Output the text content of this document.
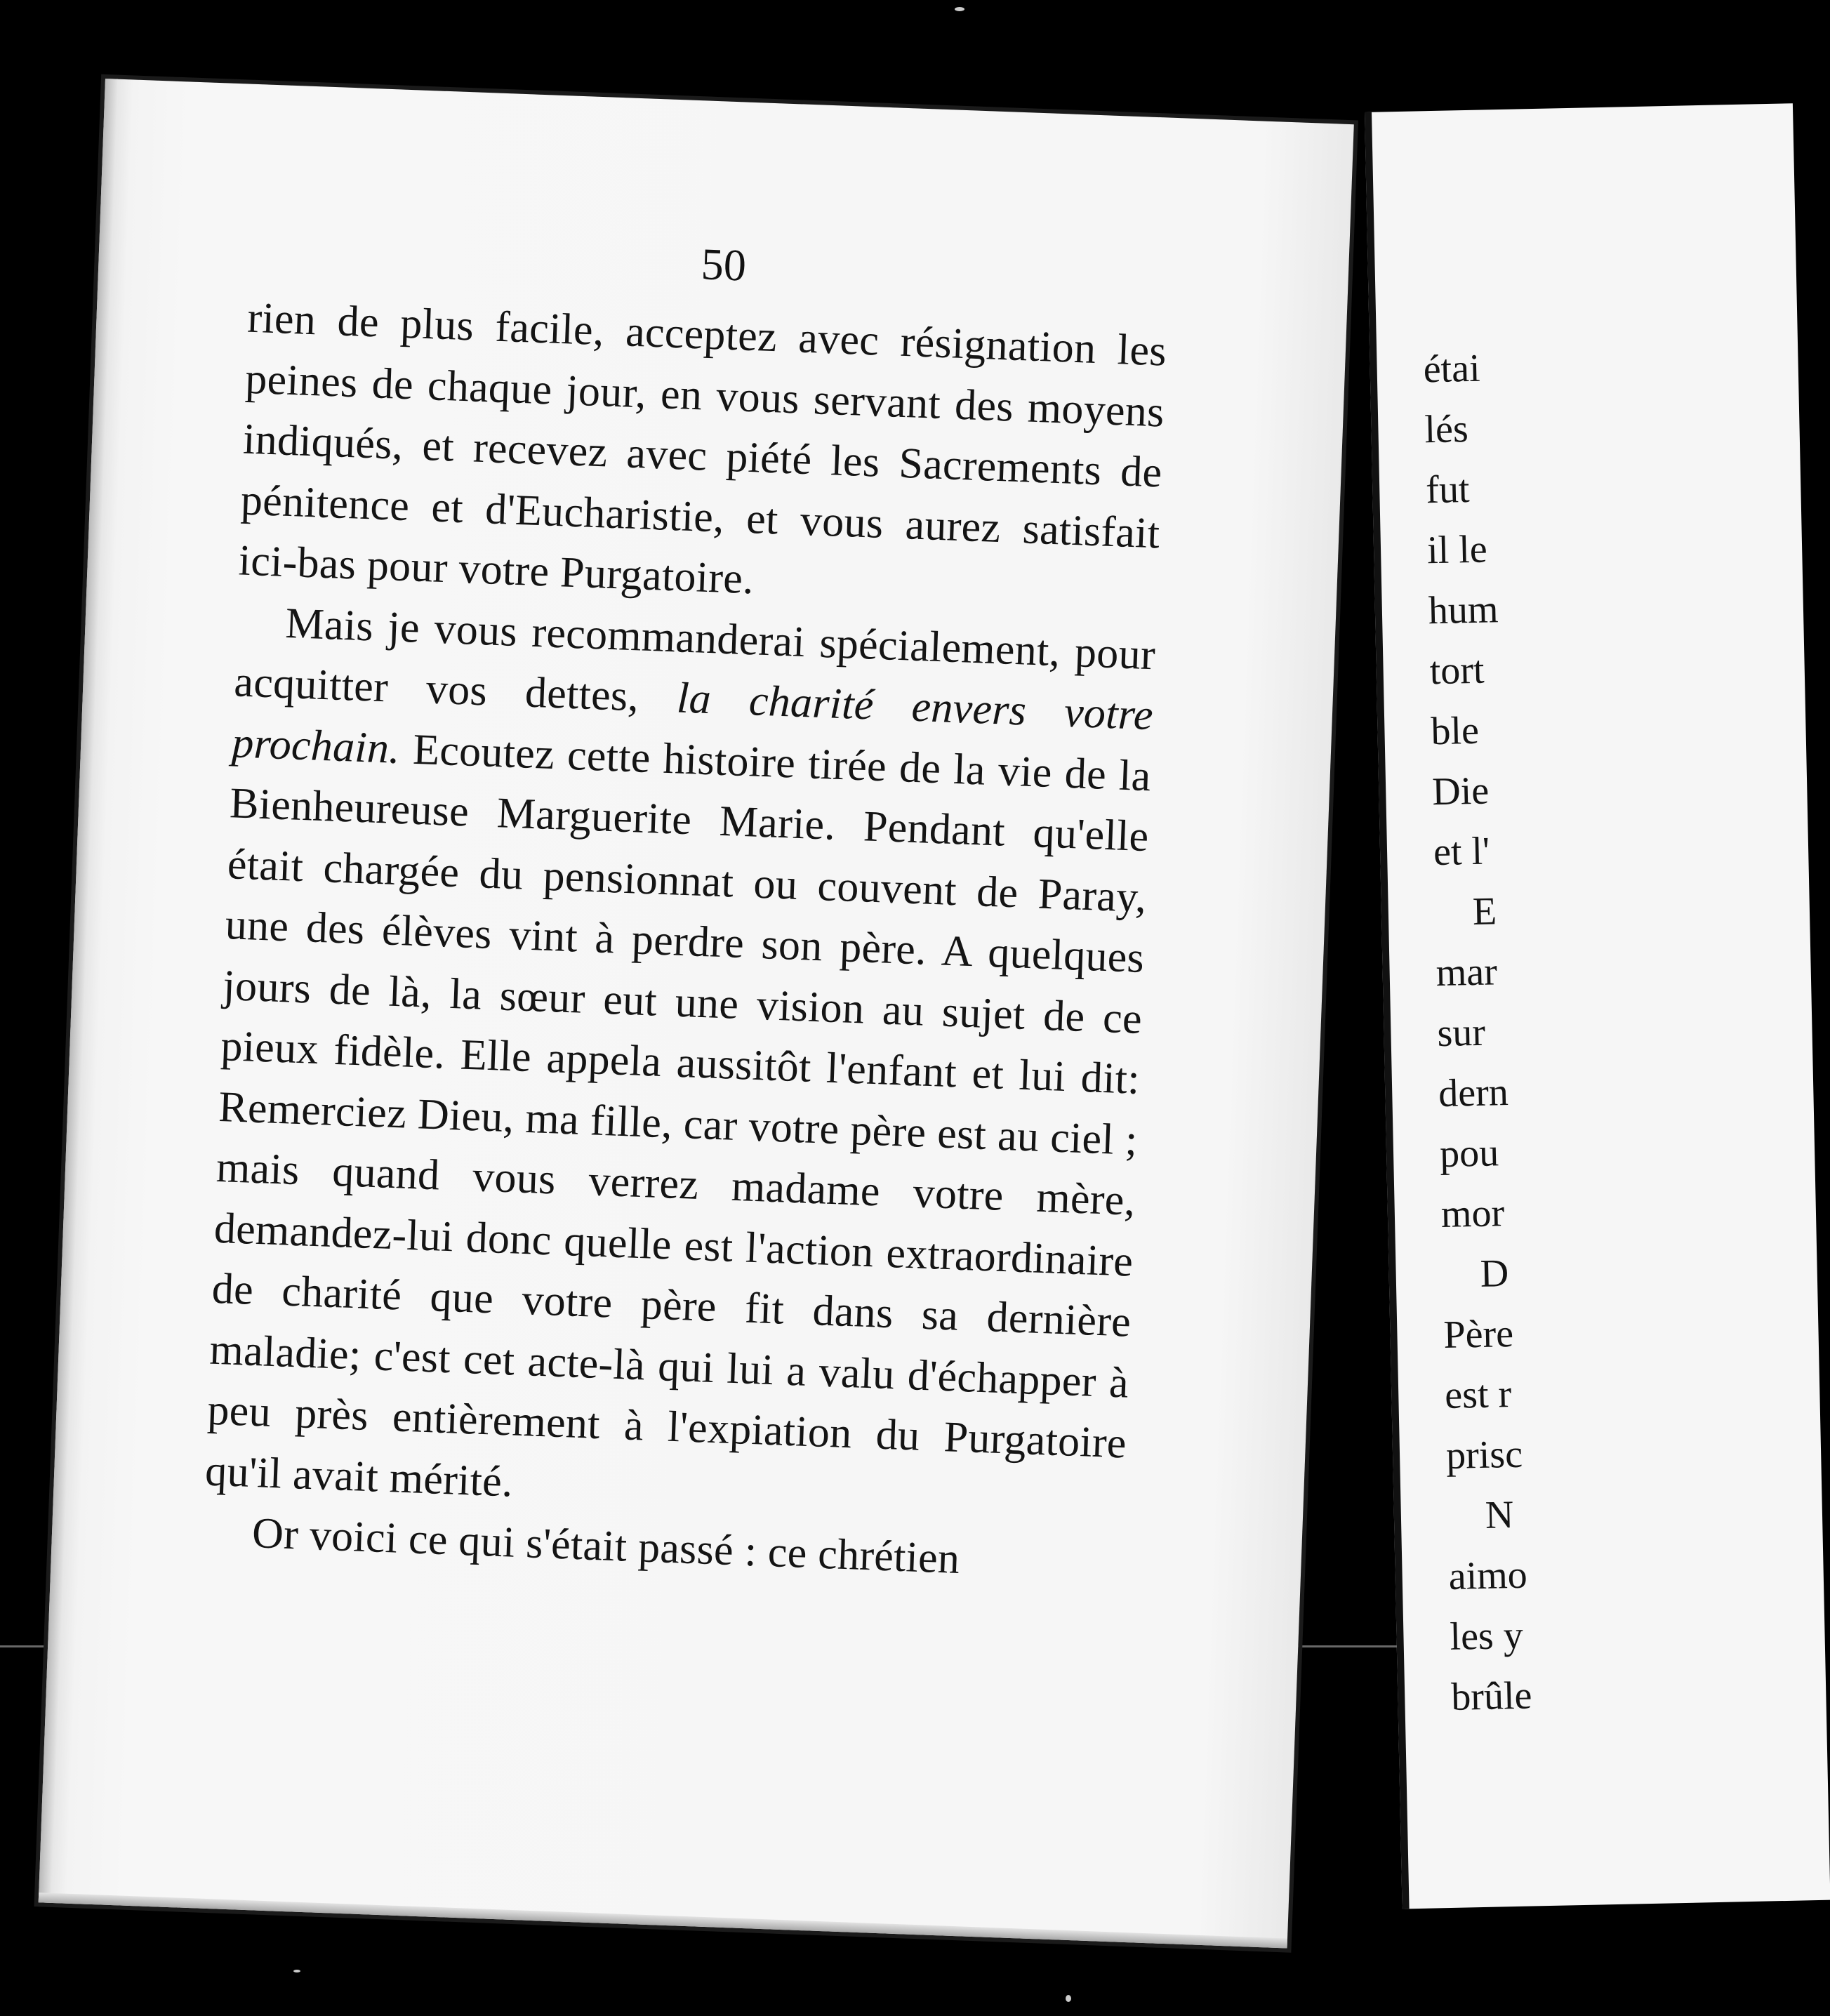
50

rien de plus facile, acceptez avec résignation les peines de chaque jour, en vous servant des moyens indiqués, et recevez avec piété les Sacrements de pénitence et d'Eucharistie, et vous aurez satisfait ici-bas pour votre Purgatoire.

Mais je vous recommanderai spécialement, pour acquitter vos dettes, la charité envers votre prochain. Ecoutez cette histoire tirée de la vie de la Bienheureuse Marguerite Marie. Pendant qu'elle était chargée du pensionnat ou couvent de Paray, une des élèves vint à perdre son père. A quelques jours de là, la sœur eut une vision au sujet de ce pieux fidèle. Elle appela aussitôt l'enfant et lui dit: Remerciez Dieu, ma fille, car votre père est au ciel ; mais quand vous verrez madame votre mère, demandez-lui donc quelle est l'action extraordinaire de charité que votre père fit dans sa dernière maladie; c'est cet acte-là qui lui a valu d'échapper à peu près entièrement à l'expiation du Purgatoire qu'il avait mérité.

Or voici ce qui s'était passé : ce chrétien

étai
lés
fut
il le
hum
tort
ble
Die
et l'
E
mar
sur
dern
pou
mor
D
Père
est r
prisc
N
aimo
les y
brûle
